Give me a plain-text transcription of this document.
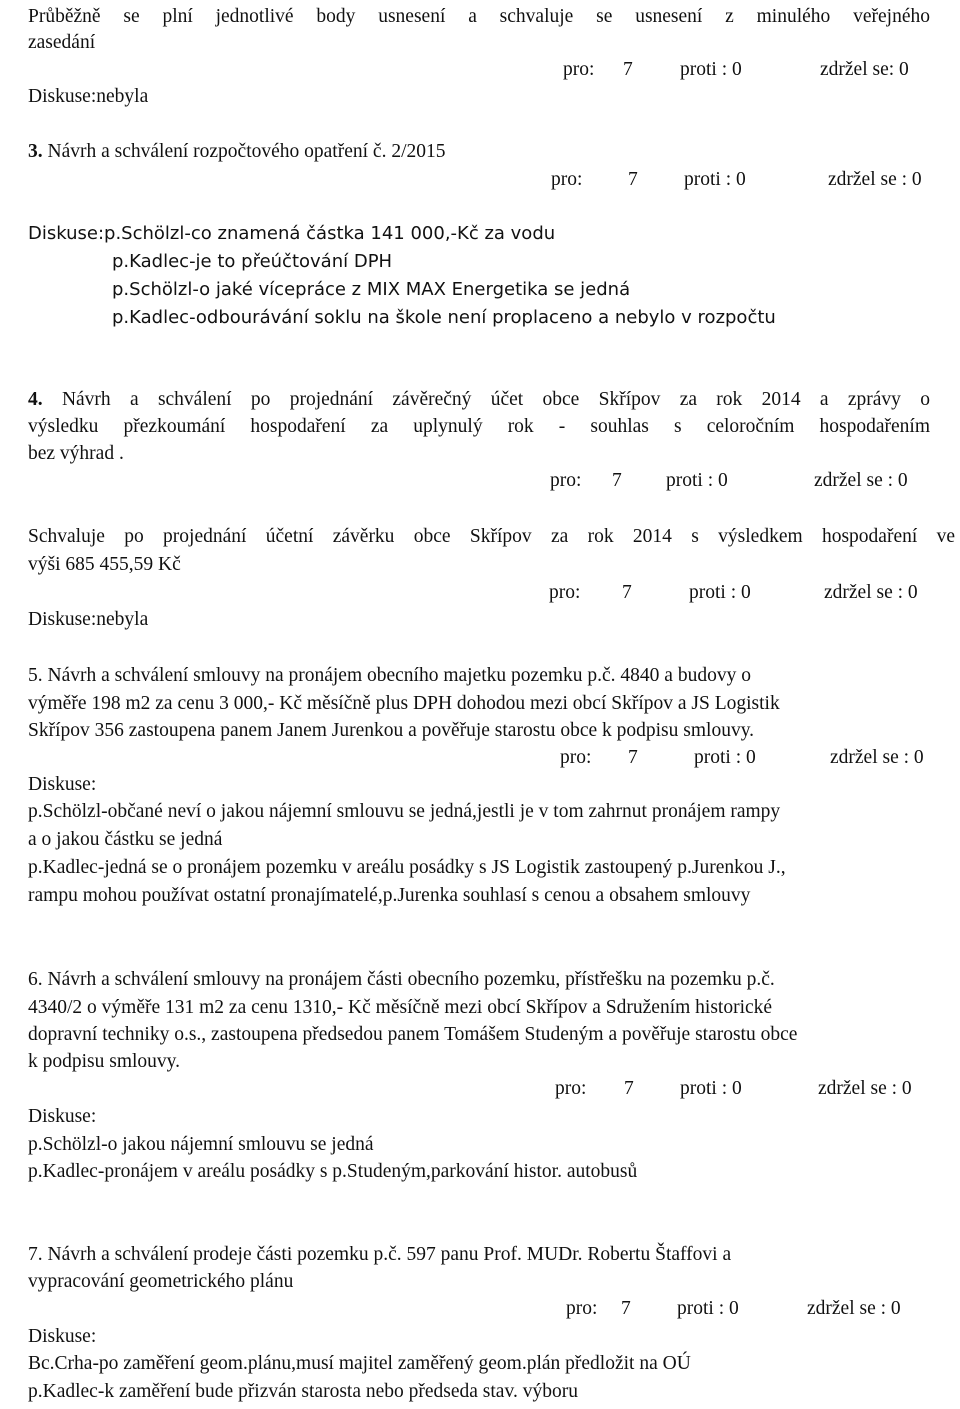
Průběžně se plní jednotlivé body usnesení a schvaluje se usnesení z minulého veřejného
zasedání
pro: 7 proti : 0	zdržel se: 0
Diskuse:nebyla
3. Návrh a schválení rozpočtového opatření č. 2/2015
pro: 7 proti : 0	zdržel se : 0
Diskuse:p.Schölzl-co znamená částka 141 000,-Kč za vodu
p.Kadlec-je to přeúčtování DPH
p.Schölzl-o jaké vícepráce z MIX MAX Energetika se jedná
p.Kadlec-odbourávání soklu na škole není proplaceno a nebylo v rozpočtu
4. Návrh a schválení po projednání závěrečný účet obce Skřípov za rok 2014 a zprávy o
výsledku přezkoumání hospodaření za uplynulý rok - souhlas s celoročním hospodařením
bez výhrad .
pro: 7 proti : 0	zdržel se : 0
Schvaluje po projednání účetní závěrku obce Skřípov za rok 2014 s výsledkem hospodaření ve
výši 685 455,59 Kč
pro: 7	proti : 0	zdržel se : 0
Diskuse:nebyla
5. Návrh a schválení smlouvy na pronájem obecního majetku pozemku p.č. 4840 a budovy o
výměře 198 m2 za cenu 3 000,- Kč měsíčně plus DPH dohodou mezi obcí Skřípov a JS Logistik
Skřípov 356 zastoupena panem Janem Jurenkou a pověřuje starostu obce k podpisu smlouvy.
pro: 7	proti : 0	zdržel se : 0
Diskuse:
p.Schölzl-občané neví o jakou nájemní smlouvu se jedná,jestli je v tom zahrnut pronájem rampy
a o jakou částku se jedná
p.Kadlec-jedná se o pronájem pozemku v areálu posádky s JS Logistik zastoupený p.Jurenkou J.,
rampu mohou používat ostatní pronajímatelé,p.Jurenka souhlasí s cenou a obsahem smlouvy
6. Návrh a schválení smlouvy na pronájem části obecního pozemku, přístřešku na pozemku p.č.
4340/2 o výměře 131 m2 za cenu 1310,- Kč měsíčně mezi obcí Skřípov a Sdružením historické
dopravní techniky o.s., zastoupena předsedou panem Tomášem Studeným a pověřuje starostu obce
k podpisu smlouvy.
pro: 7 proti : 0	zdržel se : 0
Diskuse:
p.Schölzl-o jakou nájemní smlouvu se jedná
p.Kadlec-pronájem v areálu posádky s p.Studeným,parkování histor. autobusů
7. Návrh a schválení prodeje části pozemku p.č. 597 panu Prof. MUDr. Robertu Štaffovi a
vypracování geometrického plánu
pro: 7 proti : 0	zdržel se : 0
Diskuse:
Bc.Crha-po zaměření geom.plánu,musí majitel zaměřený geom.plán předložit na OÚ
p.Kadlec-k zaměření bude přizván starosta nebo předseda stav. výboru
